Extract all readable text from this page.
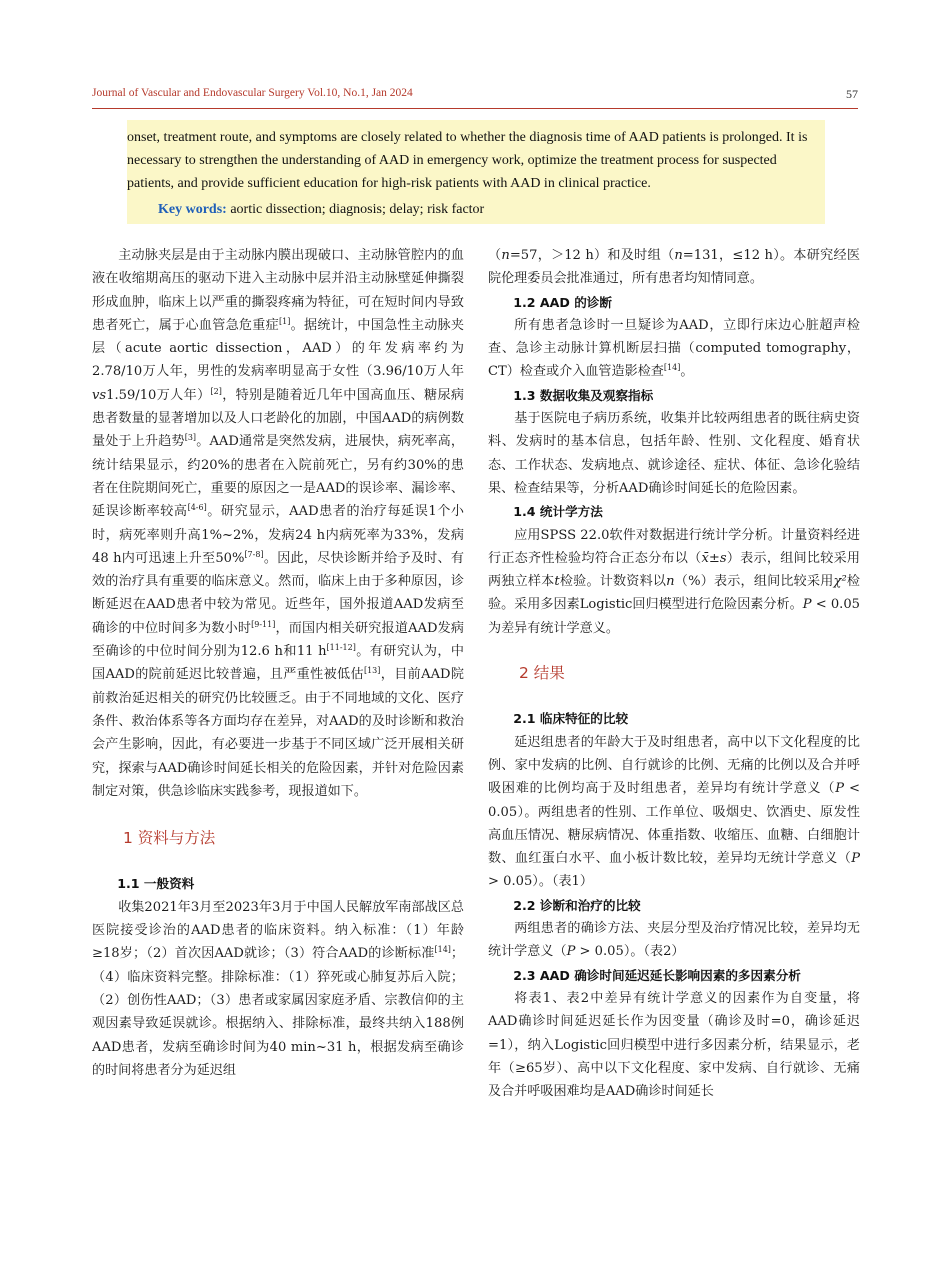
Journal of Vascular and Endovascular Surgery Vol.10, No.1, Jan 2024	57

onset, treatment route, and symptoms are closely related to whether the diagnosis time of AAD patients is prolonged. It is necessary to strengthen the understanding of AAD in emergency work, optimize the treatment process for suspected patients, and provide sufficient education for high-risk patients with AAD in clinical practice.

Key words: aortic dissection; diagnosis; delay; risk factor

主动脉夹层是由于主动脉内膜出现破口、主动脉管腔内的血液在收缩期高压的驱动下进入主动脉中层并沿主动脉壁延伸撕裂形成血肿，临床上以严重的撕裂疼痛为特征，可在短时间内导致患者死亡，属于心血管急危重症[1]。据统计，中国急性主动脉夹层（acute aortic dissection，AAD）的年发病率约为2.78/10万人年，男性的发病率明显高于女性（3.96/10万人年vs1.59/10万人年）[2]，特别是随着近几年中国高血压、糖尿病患者数量的显著增加以及人口老龄化的加剧，中国AAD的病例数量处于上升趋势[3]。AAD通常是突然发病，进展快，病死率高，统计结果显示，约20%的患者在入院前死亡，另有约30%的患者在住院期间死亡，重要的原因之一是AAD的误诊率、漏诊率、延误诊断率较高[4-6]。研究显示，AAD患者的治疗每延误1个小时，病死率则升高1%~2%，发病24 h内病死率为33%，发病48 h内可迅速上升至50%[7-8]。因此，尽快诊断并给予及时、有效的治疗具有重要的临床意义。然而，临床上由于多种原因，诊断延迟在AAD患者中较为常见。近些年，国外报道AAD发病至确诊的中位时间多为数小时[9-11]，而国内相关研究报道AAD发病至确诊的中位时间分别为12.6 h和11 h[11-12]。有研究认为，中国AAD的院前延迟比较普遍，且严重性被低估[13]，目前AAD院前救治延迟相关的研究仍比较匮乏。由于不同地域的文化、医疗条件、救治体系等各方面均存在差异，对AAD的及时诊断和救治会产生影响，因此，有必要进一步基于不同区域广泛开展相关研究，探索与AAD确诊时间延长相关的危险因素，并针对危险因素制定对策，供急诊临床实践参考，现报道如下。

1 资料与方法

1.1 一般资料

收集2021年3月至2023年3月于中国人民解放军南部战区总医院接受诊治的AAD患者的临床资料。纳入标准：（1）年龄≥18岁；（2）首次因AAD就诊；（3）符合AAD的诊断标准[14]；（4）临床资料完整。排除标准：（1）猝死或心肺复苏后入院；（2）创伤性AAD；（3）患者或家属因家庭矛盾、宗教信仰的主观因素导致延误就诊。根据纳入、排除标准，最终共纳入188例AAD患者，发病至确诊时间为40 min~31 h，根据发病至确诊的时间将患者分为延迟组

（n=57，＞12 h）和及时组（n=131，≤12 h）。本研究经医院伦理委员会批准通过，所有患者均知情同意。

1.2 AAD 的诊断

所有患者急诊时一旦疑诊为AAD，立即行床边心脏超声检查、急诊主动脉计算机断层扫描（computed tomography，CT）检查或介入血管造影检查[14]。

1.3 数据收集及观察指标

基于医院电子病历系统，收集并比较两组患者的既往病史资料、发病时的基本信息，包括年龄、性别、文化程度、婚育状态、工作状态、发病地点、就诊途径、症状、体征、急诊化验结果、检查结果等，分析AAD确诊时间延长的危险因素。

1.4 统计学方法

应用SPSS 22.0软件对数据进行统计学分析。计量资料经进行正态齐性检验均符合正态分布以（x̄±s）表示，组间比较采用两独立样本t检验。计数资料以n（%）表示，组间比较采用χ²检验。采用多因素Logistic回归模型进行危险因素分析。P < 0.05为差异有统计学意义。

2 结果

2.1 临床特征的比较

延迟组患者的年龄大于及时组患者，高中以下文化程度的比例、家中发病的比例、自行就诊的比例、无痛的比例以及合并呼吸困难的比例均高于及时组患者，差异均有统计学意义（P < 0.05）。两组患者的性别、工作单位、吸烟史、饮酒史、原发性高血压情况、糖尿病情况、体重指数、收缩压、血糖、白细胞计数、血红蛋白水平、血小板计数比较，差异均无统计学意义（P > 0.05）。（表1）

2.2 诊断和治疗的比较

两组患者的确诊方法、夹层分型及治疗情况比较，差异均无统计学意义（P > 0.05）。（表2）

2.3 AAD 确诊时间延迟延长影响因素的多因素分析

将表1、表2中差异有统计学意义的因素作为自变量，将AAD确诊时间延迟延长作为因变量（确诊及时=0，确诊延迟=1），纳入Logistic回归模型中进行多因素分析，结果显示，老年（≥65岁）、高中以下文化程度、家中发病、自行就诊、无痛及合并呼吸困难均是AAD确诊时间延长
